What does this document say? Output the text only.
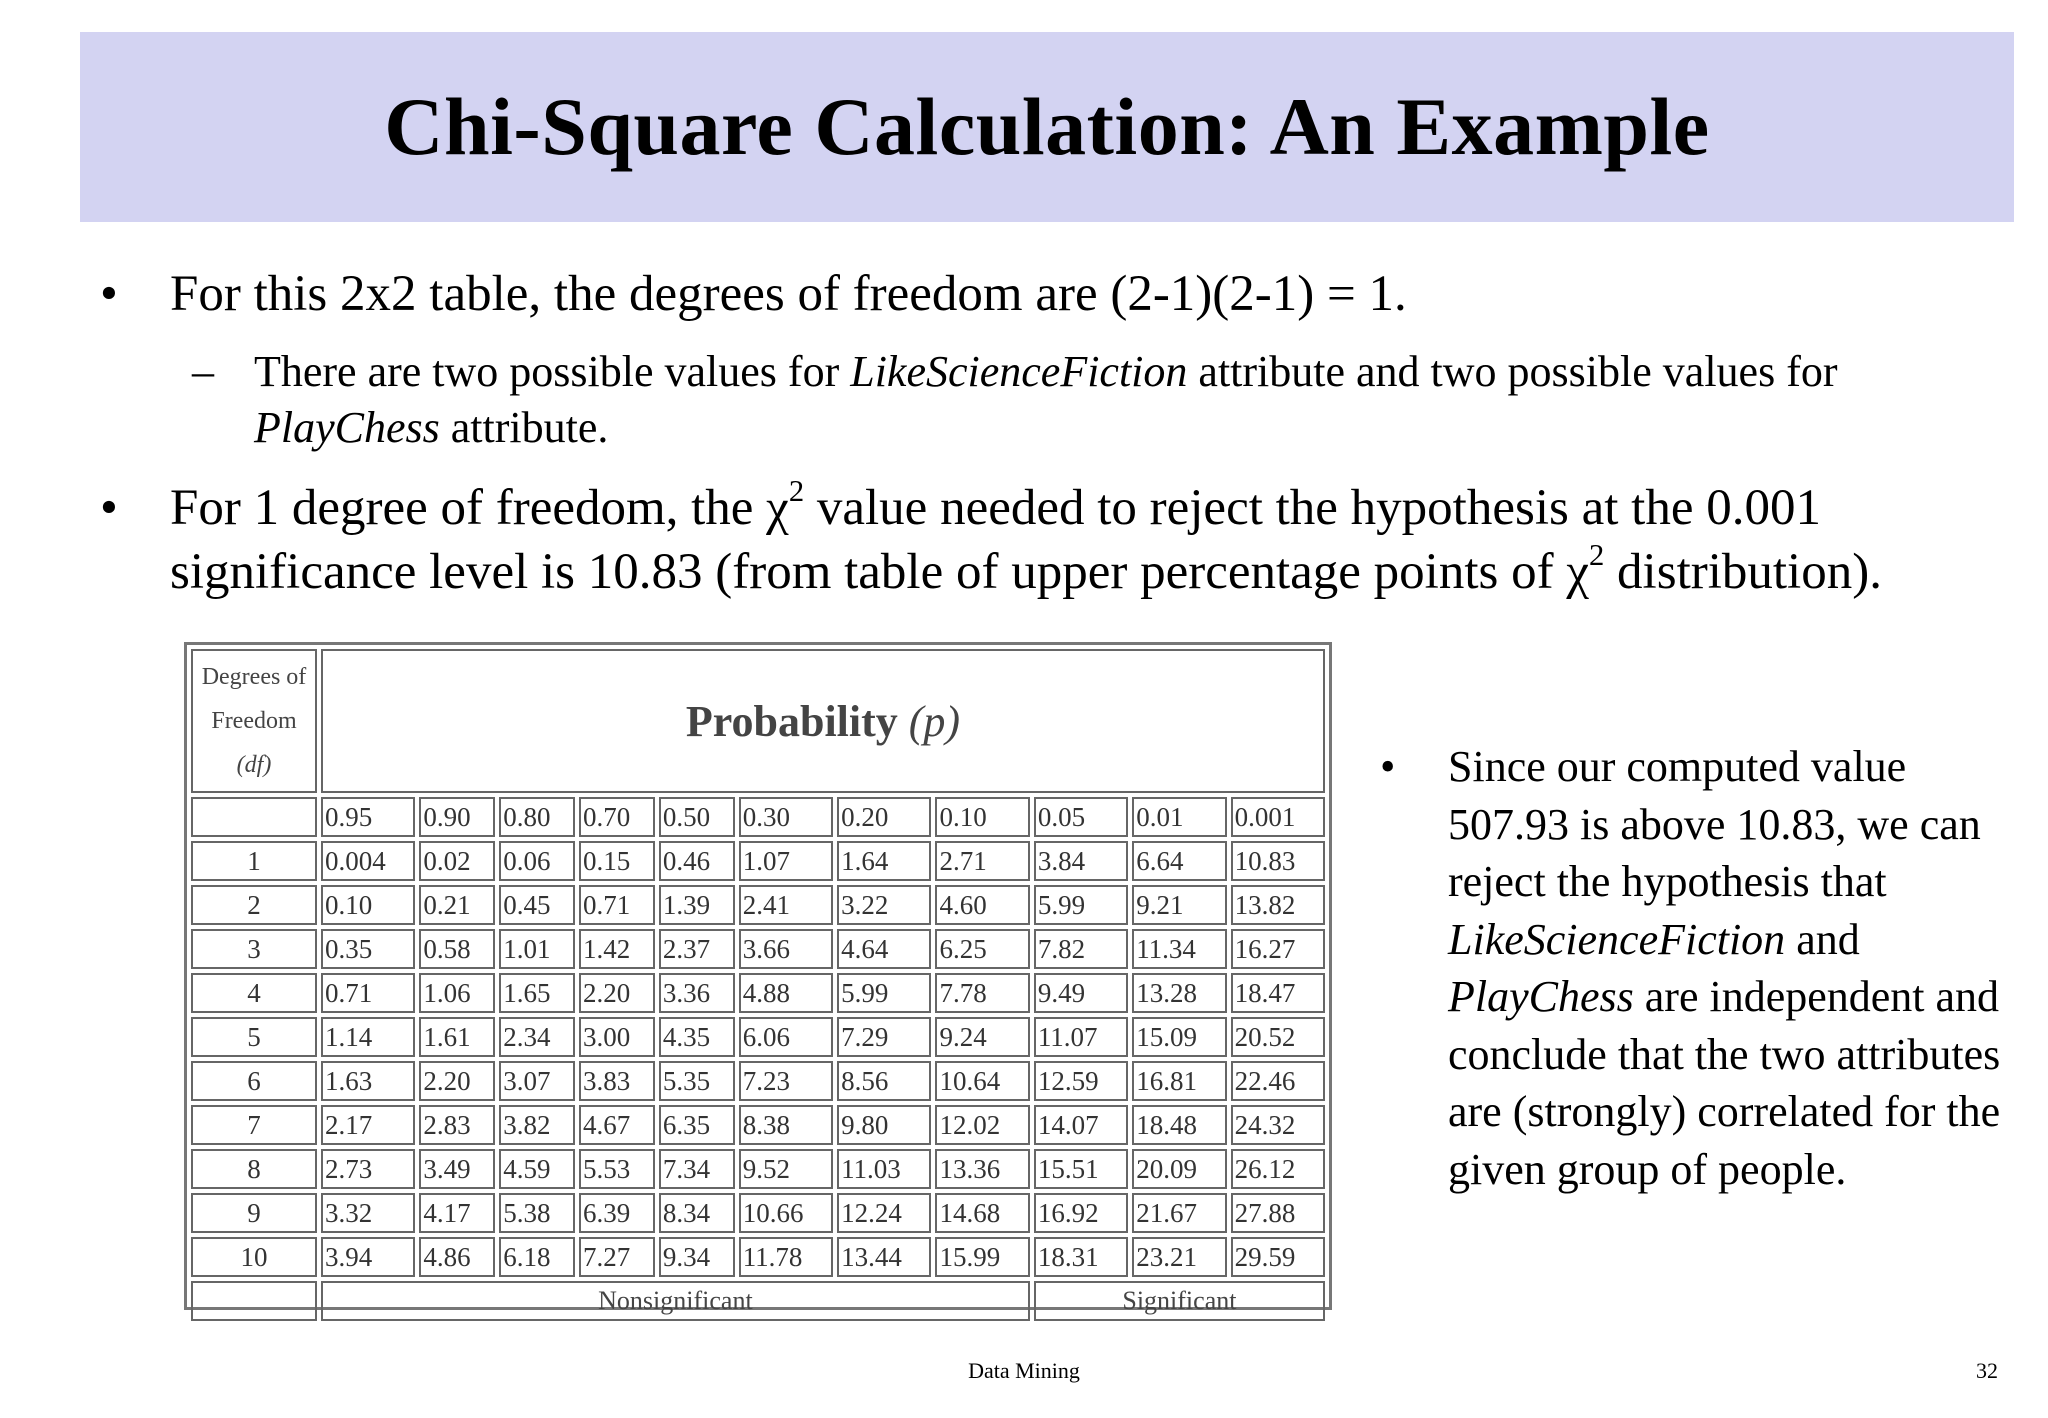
Chi-Square Calculation: An Example
• For this 2x2 table, the degrees of freedom are (2-1)(2-1) = 1.
– There are two possible values for LikeScienceFiction attribute and two possible values for PlayChess attribute.
• For 1 degree of freedom, the $\chi^2$ value needed to reject the hypothesis at the 0.001 significance level is 10.83 (from table of upper percentage points of $\chi^2$ distribution).
Degrees of
Freedom
(df)	Probability (p)										
	0.95	0.90	0.80	0.70	0.50	0.30	0.20	0.10	0.05	0.01	0.001
1	0.004	0.02	0.06	0.15	0.46	1.07	1.64	2.71	3.84	6.64	10.83
2	0.10	0.21	0.45	0.71	1.39	2.41	3.22	4.60	5.99	9.21	13.82
3	0.35	0.58	1.01	1.42	2.37	3.66	4.64	6.25	7.82	11.34	16.27
4	0.71	1.06	1.65	2.20	3.36	4.88	5.99	7.78	9.49	13.28	18.47
5	1.14	1.61	2.34	3.00	4.35	6.06	7.29	9.24	11.07	15.09	20.52
6	1.63	2.20	3.07	3.83	5.35	7.23	8.56	10.64	12.59	16.81	22.46
7	2.17	2.83	3.82	4.67	6.35	8.38	9.80	12.02	14.07	18.48	24.32
8	2.73	3.49	4.59	5.53	7.34	9.52	11.03	13.36	15.51	20.09	26.12
9	3.32	4.17	5.38	6.39	8.34	10.66	12.24	14.68	16.92	21.67	27.88
10	3.94	4.86	6.18	7.27	9.34	11.78	13.44	15.99	18.31	23.21	29.59
	Nonsignificant								Significant		
• Since our computed value 507.93 is above 10.83, we can reject the hypothesis that LikeScienceFiction and PlayChess are independent and conclude that the two attributes are (strongly) correlated for the given group of people.
Data Mining	32
